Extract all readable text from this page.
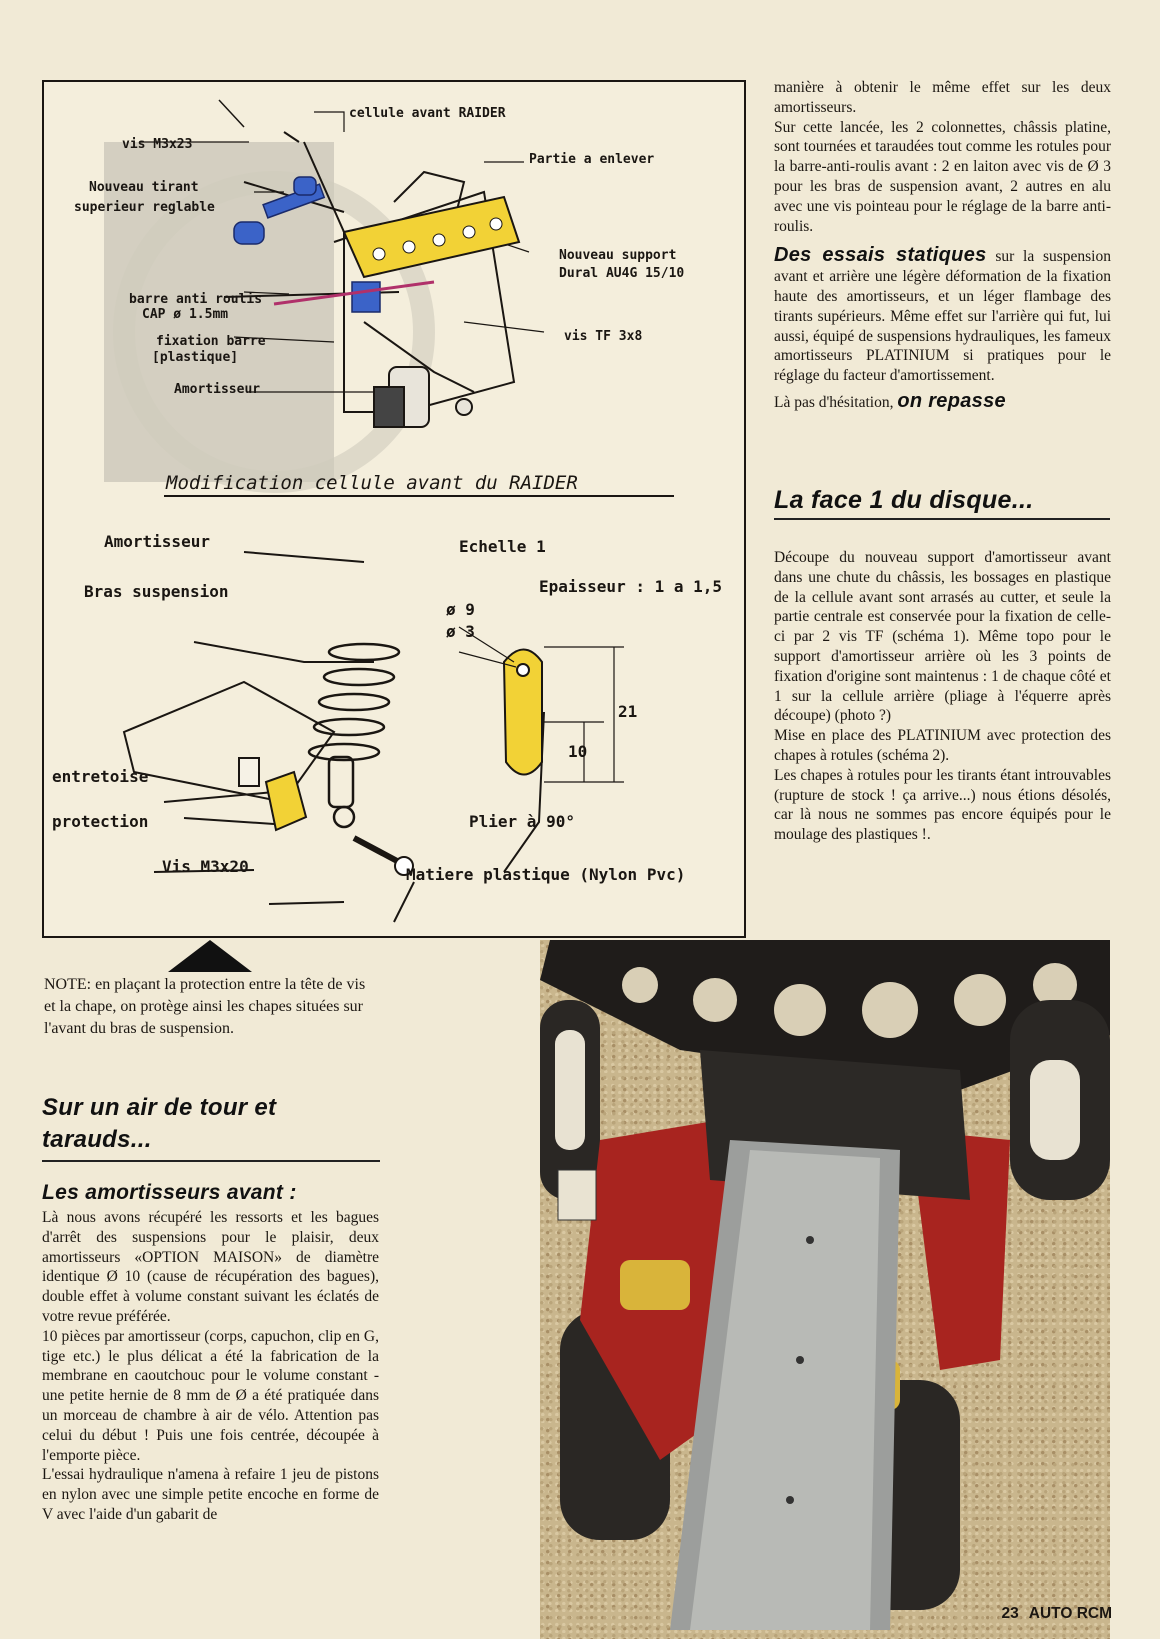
vis M3x23
cellule avant RAIDER
Partie a enlever
Nouveau tirant
superieur reglable
Nouveau support
Dural AU4G 15/10
barre anti roulis
CAP ø 1.5mm
fixation barre
[plastique]
vis TF 3x8
Amortisseur
Modification cellule avant du RAIDER
Amortisseur
Bras suspension
Echelle 1
Epaisseur : 1 a 1,5
ø 9
ø 3
21
10
entretoise
protection	Plier à 90°
Vis M3x20	Matiere plastique (Nylon Pvc)
NOTE: en plaçant la protection entre la tête de vis et la chape, on protège ainsi les chapes situées sur l'avant du bras de suspension.
Sur un air de tour et tarauds...
Les amortisseurs avant :

Là nous avons récupéré les ressorts et les bagues d'arrêt des suspensions pour le plaisir, deux amortisseurs «OPTION MAISON» de diamètre identique Ø 10 (cause de récupération des bagues), double effet à volume constant suivant les éclatés de votre revue préférée.

10 pièces par amortisseur (corps, capuchon, clip en G, tige etc.) le plus délicat a été la fabrication de la membrane en caoutchouc pour le volume constant - une petite hernie de 8 mm de Ø a été pratiquée dans un morceau de chambre à air de vélo. Attention pas celui du début ! Puis une fois centrée, découpée à l'emporte pièce.

L'essai hydraulique n'amena à refaire 1 jeu de pistons en nylon avec une simple petite encoche en forme de V avec l'aide d'un gabarit de

manière à obtenir le même effet sur les deux amortisseurs.

Sur cette lancée, les 2 colonnettes, châssis platine, sont tournées et taraudées tout comme les rotules pour la barre-anti-roulis avant : 2 en laiton avec vis de Ø 3 pour les bras de suspension avant, 2 autres en alu avec une vis pointeau pour le réglage de la barre anti-roulis.

Des essais statiques sur la suspension avant et arrière une légère déformation de la fixation haute des amortisseurs, et un léger flambage des tirants supérieurs. Même effet sur l'arrière qui fut, lui aussi, équipé de suspensions hydrauliques, les fameux amortisseurs PLATINIUM si pratiques pour le réglage du facteur d'amortissement.

Là pas d'hésitation, on repasse

La face 1 du disque...

Découpe du nouveau support d'amortisseur avant dans une chute du châssis, les bossages en plastique de la cellule avant sont arrasés au cutter, et seule la partie centrale est conservée pour la fixation de celle-ci par 2 vis TF (schéma 1). Même topo pour le support d'amortisseur arrière où les 3 points de fixation d'origine sont maintenus : 1 de chaque côté et 1 sur la cellule arrière (pliage à l'équerre après découpe) (photo ?)

Mise en place des PLATINIUM avec protection des chapes à rotules (schéma 2).

Les chapes à rotules pour les tirants étant introuvables (rupture de stock ! ça arrive...) nous étions désolés, car là nous ne sommes pas encore équipés pour le moulage des plastiques !.

23 AUTO RCM
